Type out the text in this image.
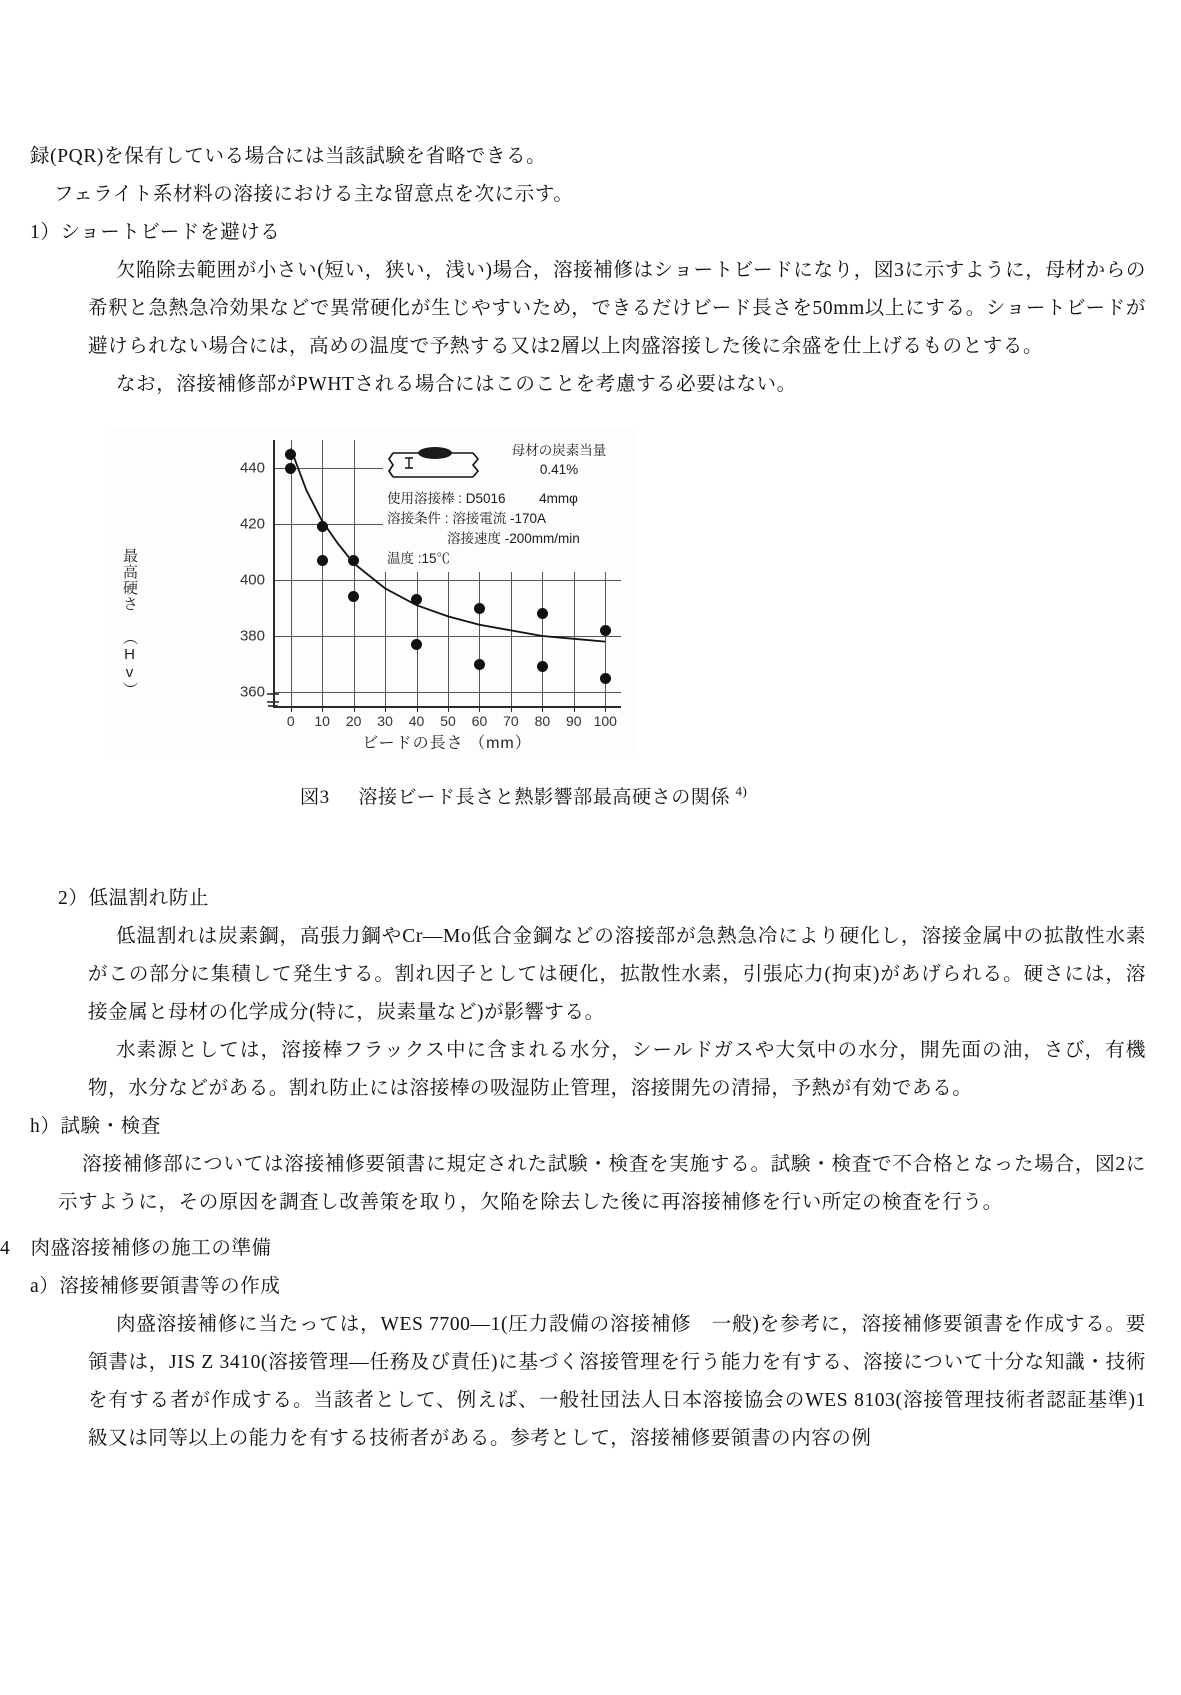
録(PQR)を保有している場合には当該試験を省略できる。

フェライト系材料の溶接における主な留意点を次に示す。

1）ショートビードを避ける

欠陥除去範囲が小さい(短い，狭い，浅い)場合，溶接補修はショートビードになり，図3に示すように，母材からの希釈と急熱急冷効果などで異常硬化が生じやすいため，できるだけビード長さを50mm以上にする。ショートビードが避けられない場合には，高めの温度で予熱する又は2層以上肉盛溶接した後に余盛を仕上げるものとする。

なお，溶接補修部がPWHTされる場合にはこのことを考慮する必要はない。

最高硬さ （Hv）	360
380
400
420
440
0 10 20 30 40 50 60 70 80 90 100
ビードの長さ （mm）
母材の炭素当量
0.41%
使用溶接棒 : D5016 4mmφ
溶接条件 : 溶接電流 -170A
溶接速度 -200mm/min
温度 :15℃
図3 溶接ビード長さと熱影響部最高硬さの関係 $^{4)}$

2）低温割れ防止

低温割れは炭素鋼，高張力鋼やCr—Mo低合金鋼などの溶接部が急熱急冷により硬化し，溶接金属中の拡散性水素がこの部分に集積して発生する。割れ因子としては硬化，拡散性水素，引張応力(拘束)があげられる。硬さには，溶接金属と母材の化学成分(特に，炭素量など)が影響する。

水素源としては，溶接棒フラックス中に含まれる水分，シールドガスや大気中の水分，開先面の油，さび，有機物，水分などがある。割れ防止には溶接棒の吸湿防止管理，溶接開先の清掃，予熱が有効である。

h）試験・検査

溶接補修部については溶接補修要領書に規定された試験・検査を実施する。試験・検査で不合格となった場合，図2に示すように，その原因を調査し改善策を取り，欠陥を除去した後に再溶接補修を行い所定の検査を行う。

4　肉盛溶接補修の施工の準備

a）溶接補修要領書等の作成

肉盛溶接補修に当たっては，WES 7700—1(圧力設備の溶接補修　一般)を参考に，溶接補修要領書を作成する。要領書は，JIS Z 3410(溶接管理―任務及び責任)に基づく溶接管理を行う能力を有する、溶接について十分な知識・技術を有する者が作成する。当該者として、例えば、一般社団法人日本溶接協会のWES 8103(溶接管理技術者認証基準)1級又は同等以上の能力を有する技術者がある。参考として，溶接補修要領書の内容の例
